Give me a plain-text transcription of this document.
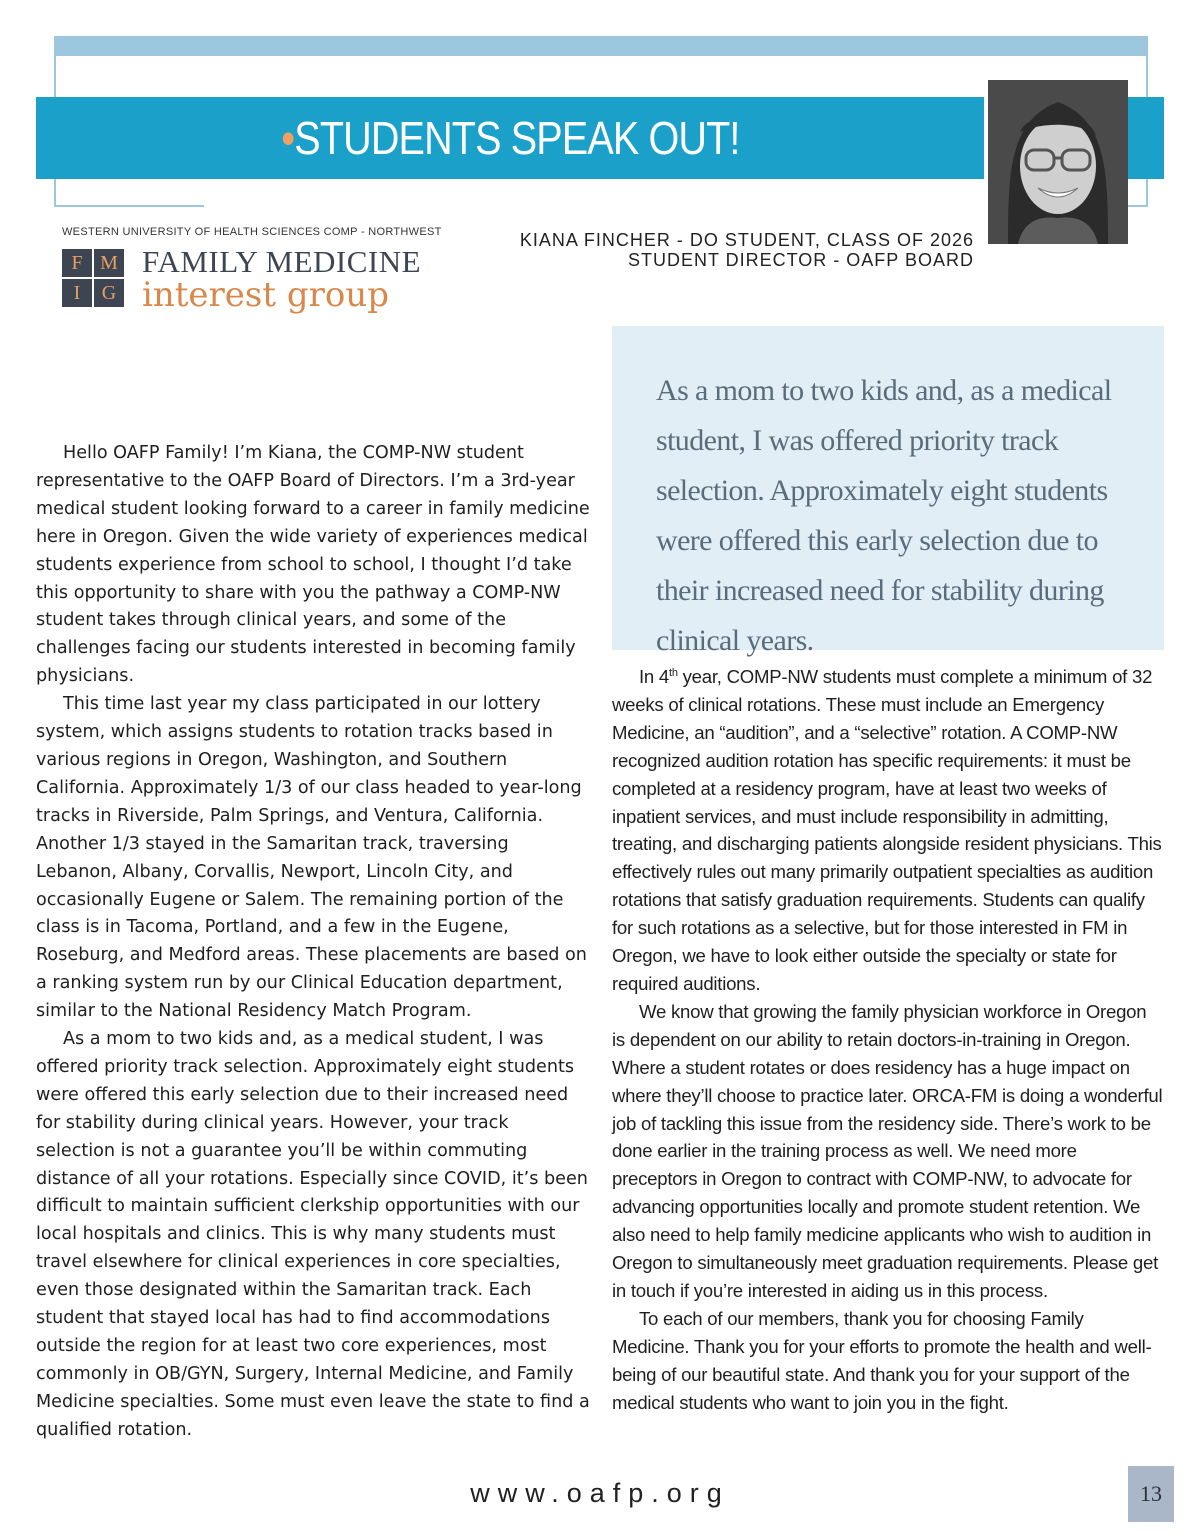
•STUDENTS SPEAK OUT!
WESTERN UNIVERSITY OF HEALTH SCIENCES COMP - NORTHWEST
F M
I	G
FAMILY MEDICINE
interest group
KIANA FINCHER - DO STUDENT, CLASS OF 2026
STUDENT DIRECTOR - OAFP BOARD

As a mom to two kids and, as a medical student, I was offered priority track selection. Approximately eight students were offered this early selection due to their increased need for stability during clinical years.

Hello OAFP Family! I’m Kiana, the COMP-NW student representative to the OAFP Board of Directors. I’m a 3rd-year medical student looking forward to a career in family medicine here in Oregon. Given the wide variety of experiences medical students experience from school to school, I thought I’d take this opportunity to share with you the pathway a COMP-NW student takes through clinical years, and some of the challenges facing our students interested in becoming family physicians.

This time last year my class participated in our lottery system, which assigns students to rotation tracks based in various regions in Oregon, Washington, and Southern California. Approximately 1/3 of our class headed to year-long tracks in Riverside, Palm Springs, and Ventura, California. Another 1/3 stayed in the Samaritan track, traversing Lebanon, Albany, Corvallis, Newport, Lincoln City, and occasionally Eugene or Salem. The remaining portion of the class is in Tacoma, Portland, and a few in the Eugene, Roseburg, and Medford areas. These placements are based on a ranking system run by our Clinical Education department, similar to the National Residency Match Program.

As a mom to two kids and, as a medical student, I was offered priority track selection. Approximately eight students were offered this early selection due to their increased need for stability during clinical years. However, your track selection is not a guarantee you’ll be within commuting distance of all your rotations. Especially since COVID, it’s been difficult to maintain sufficient clerkship opportunities with our local hospitals and clinics. This is why many students must travel elsewhere for clinical experiences in core specialties, even those designated within the Samaritan track. Each student that stayed local has had to find accommodations outside the region for at least two core experiences, most commonly in OB/GYN, Surgery, Internal Medicine, and Family Medicine specialties. Some must even leave the state to find a qualified rotation.

In 4th year, COMP-NW students must complete a minimum of 32 weeks of clinical rotations. These must include an Emergency Medicine, an “audition”, and a “selective” rotation. A COMP-NW recognized audition rotation has specific requirements: it must be completed at a residency program, have at least two weeks of inpatient services, and must include responsibility in admitting, treating, and discharging patients alongside resident physicians. This effectively rules out many primarily outpatient specialties as audition rotations that satisfy graduation requirements. Students can qualify for such rotations as a selective, but for those interested in FM in Oregon, we have to look either outside the specialty or state for required auditions.

We know that growing the family physician workforce in Oregon is dependent on our ability to retain doctors-in-training in Oregon. Where a student rotates or does residency has a huge impact on where they’ll choose to practice later. ORCA-FM is doing a wonderful job of tackling this issue from the residency side. There’s work to be done earlier in the training process as well. We need more preceptors in Oregon to contract with COMP-NW, to advocate for advancing opportunities locally and promote student retention. We also need to help family medicine applicants who wish to audition in Oregon to simultaneously meet graduation requirements. Please get in touch if you’re interested in aiding us in this process.

To each of our members, thank you for choosing Family Medicine. Thank you for your efforts to promote the health and well-being of our beautiful state. And thank you for your support of the medical students who want to join you in the fight.

www.oafp.org	13
